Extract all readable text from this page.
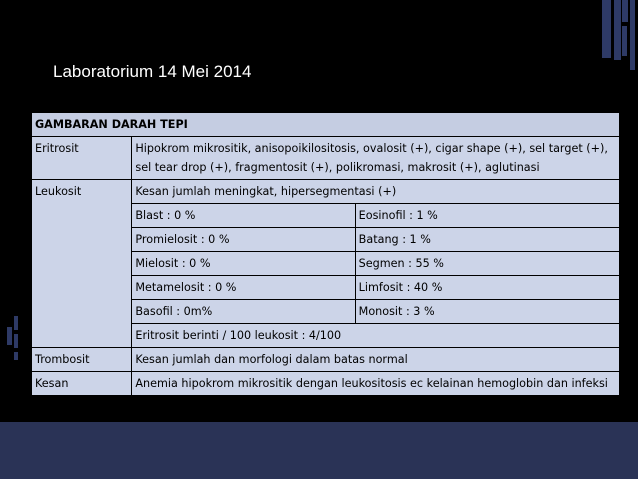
Laboratorium 14 Mei 2014
GAMBARAN DARAH TEPI		
Eritrosit	Hipokrom mikrositik, anisopoikilositosis, ovalosit (+), cigar shape (+), sel target (+), sel tear drop (+), fragmentosit (+), polikromasi, makrosit (+), aglutinasi	
Leukosit	Kesan jumlah meningkat, hipersegmentasi (+)	
	Blast : 0 %	Eosinofil : 1 %
	Promielosit : 0 %	Batang : 1 %
	Mielosit : 0 %	Segmen : 55 %
	Metamelosit : 0 %	Limfosit : 40 %
	Basofil : 0m%	Monosit : 3 %
	Eritrosit berinti / 100 leukosit : 4/100	
Trombosit	Kesan jumlah dan morfologi dalam batas normal	
Kesan	Anemia hipokrom mikrositik dengan leukositosis ec kelainan hemoglobin dan infeksi	
